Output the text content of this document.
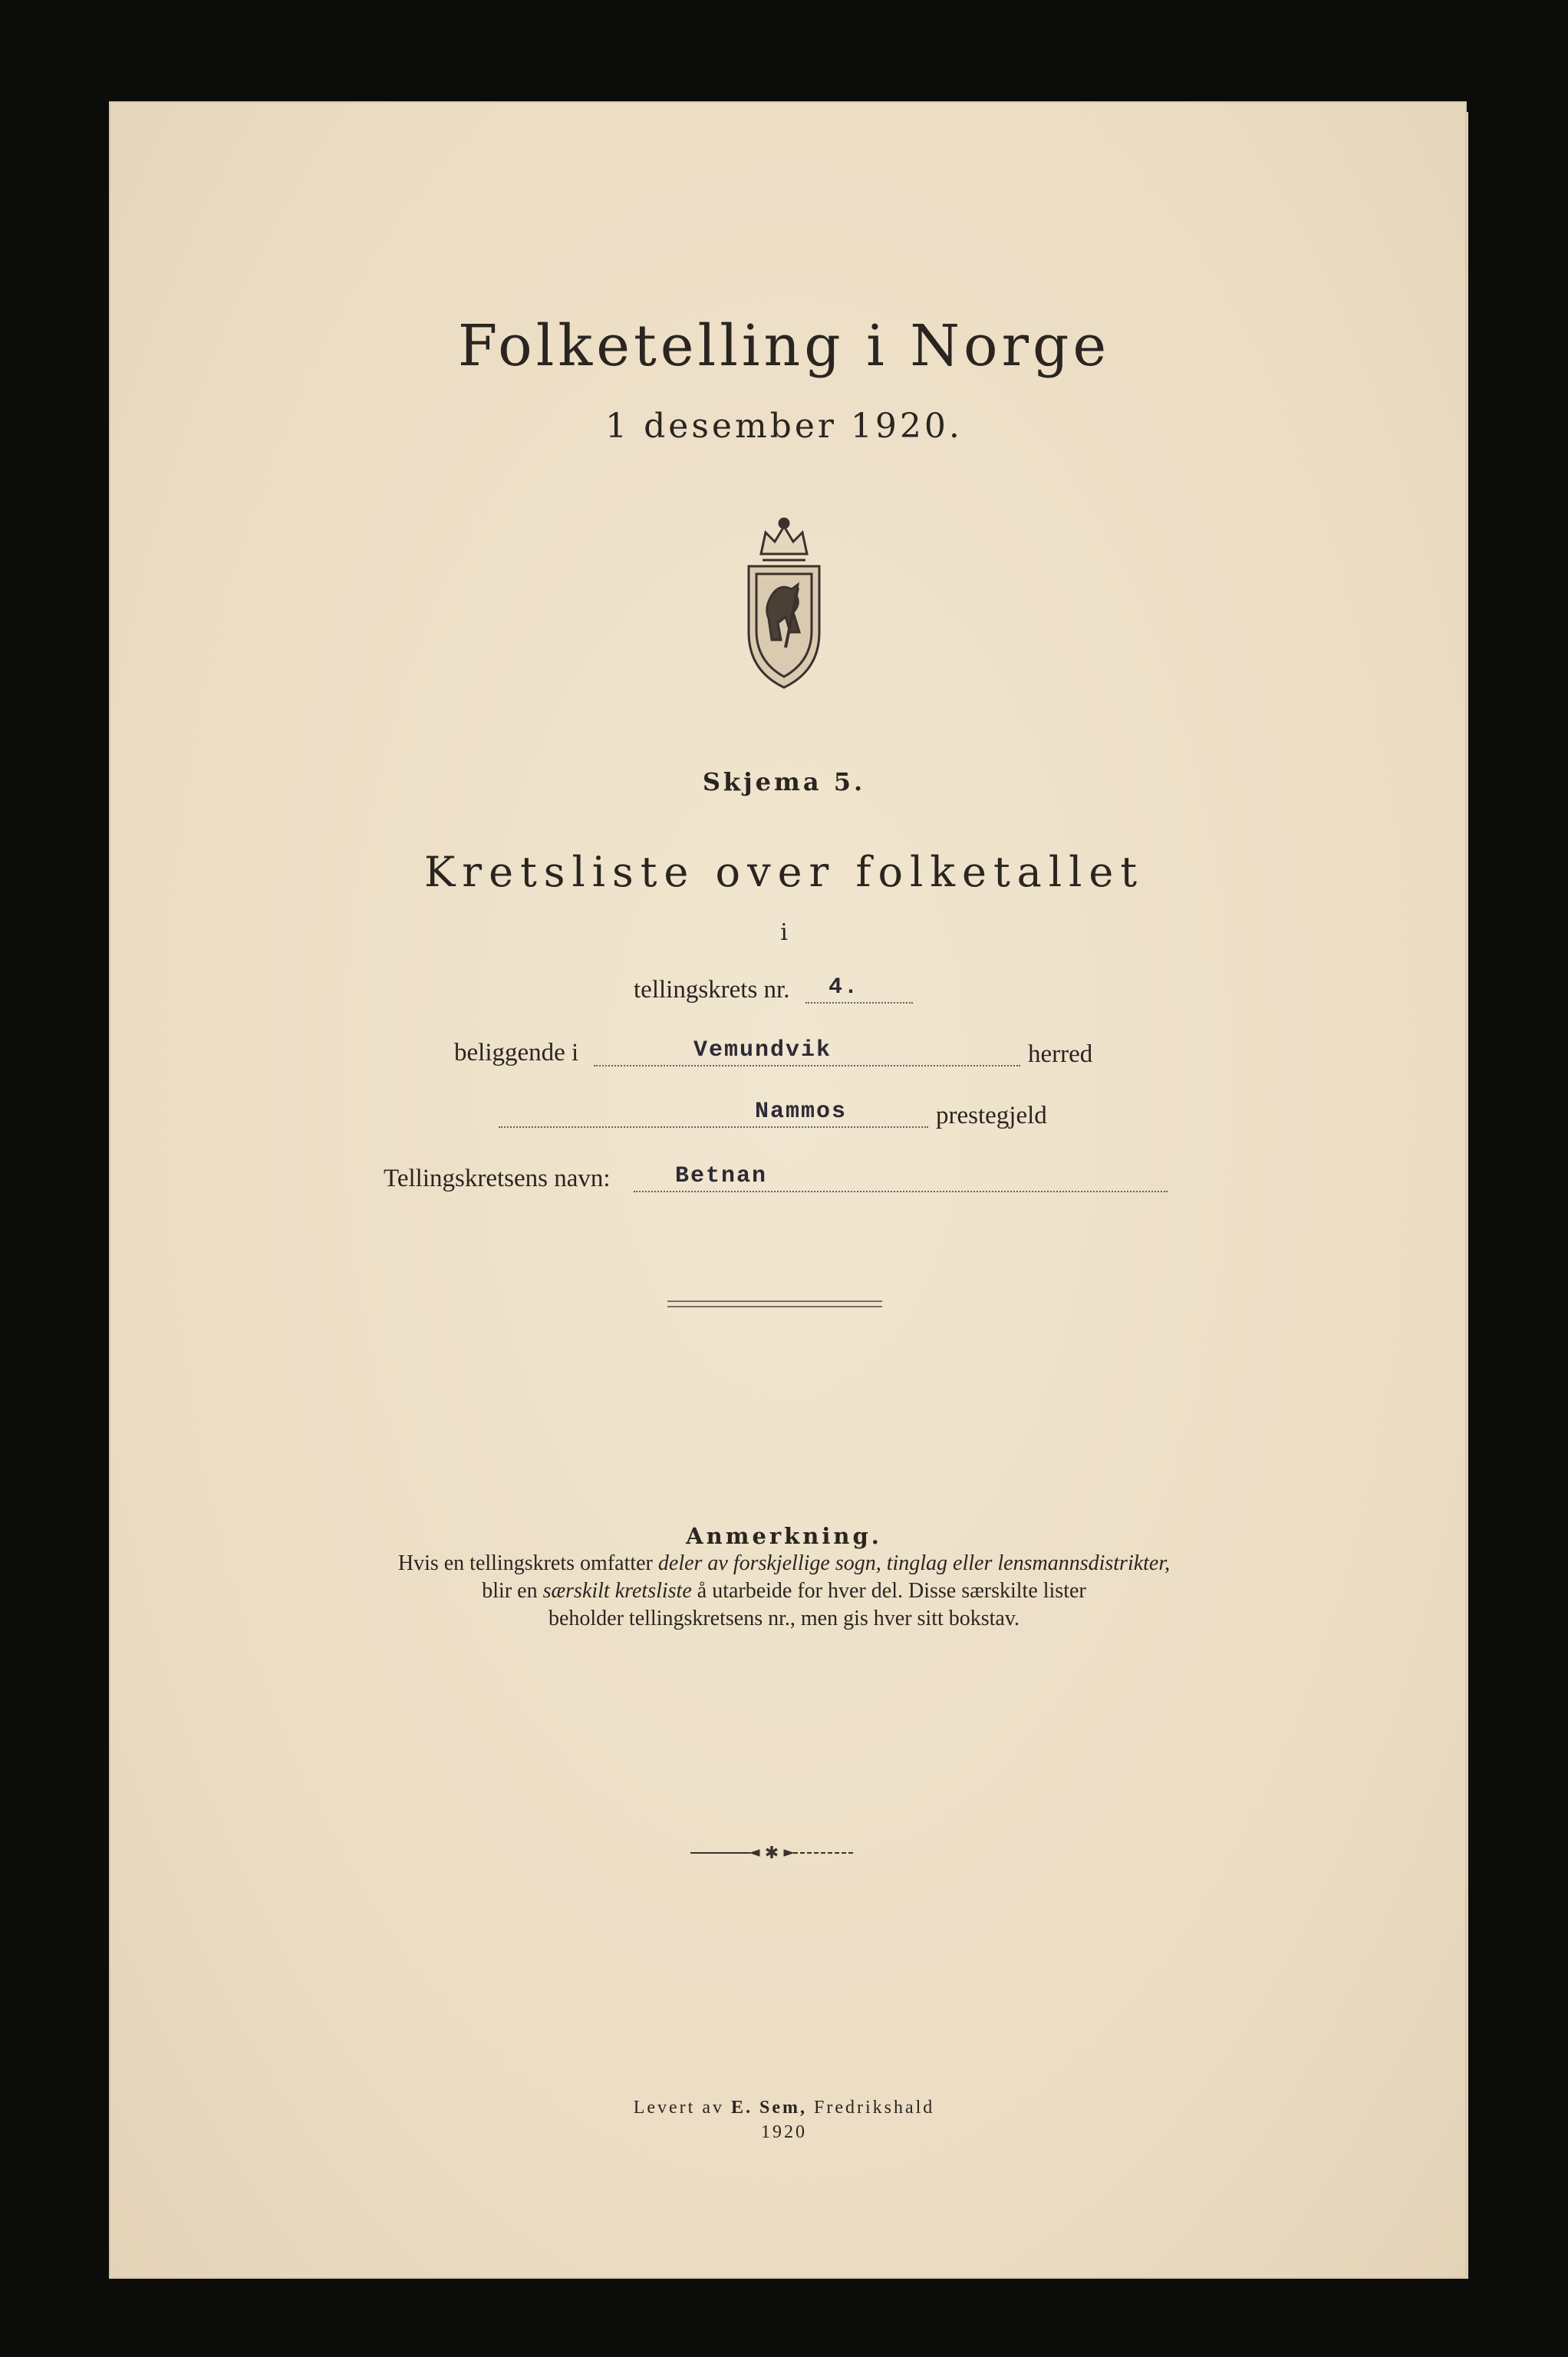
Folketelling i Norge
1 desember 1920.
Skjema 5.
Kretsliste over folketallet
i
tellingskrets nr. 4.
beliggende i	Vemundvik	herred
Nammos	prestegjeld
Tellingskretsens navn:	Betnan
Anmerkning.
Hvis en tellingskrets omfatter deler av forskjellige sogn, tinglag eller lensmannsdistrikter,
blir en særskilt kretsliste å utarbeide for hver del. Disse særskilte lister
beholder tellingskretsens nr., men gis hver sitt bokstav.
✱
Levert av E. Sem, Fredrikshald
1920
